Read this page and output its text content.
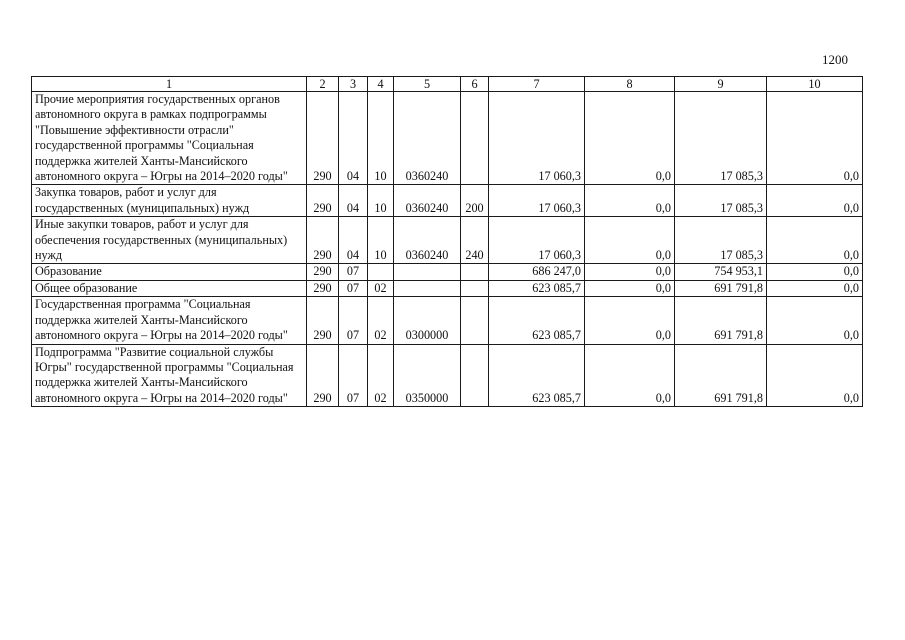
1200
1	2	3	4	5	6	7	8	9	10
Прочие мероприятия государственных органов автономного округа в рамках подпрограммы "Повышение эффективности отрасли" государственной программы "Социальная поддержка жителей Ханты-Мансийского автономного округа – Югры на 2014–2020 годы"	290	04	10	0360240		17 060,3	0,0	17 085,3	0,0
Закупка товаров, работ и услуг для государственных (муниципальных) нужд	290	04	10	0360240	200	17 060,3	0,0	17 085,3	0,0
Иные закупки товаров, работ и услуг для обеспечения государственных (муниципальных) нужд	290	04	10	0360240	240	17 060,3	0,0	17 085,3	0,0
Образование	290	07				686 247,0	0,0	754 953,1	0,0
Общее образование	290	07	02			623 085,7	0,0	691 791,8	0,0
Государственная программа "Социальная поддержка жителей Ханты-Мансийского автономного округа – Югры на 2014–2020 годы"	290	07	02	0300000		623 085,7	0,0	691 791,8	0,0
Подпрограмма "Развитие социальной службы Югры" государственной программы "Социальная поддержка жителей Ханты-Мансийского автономного округа – Югры на 2014–2020 годы"	290	07	02	0350000		623 085,7	0,0	691 791,8	0,0
